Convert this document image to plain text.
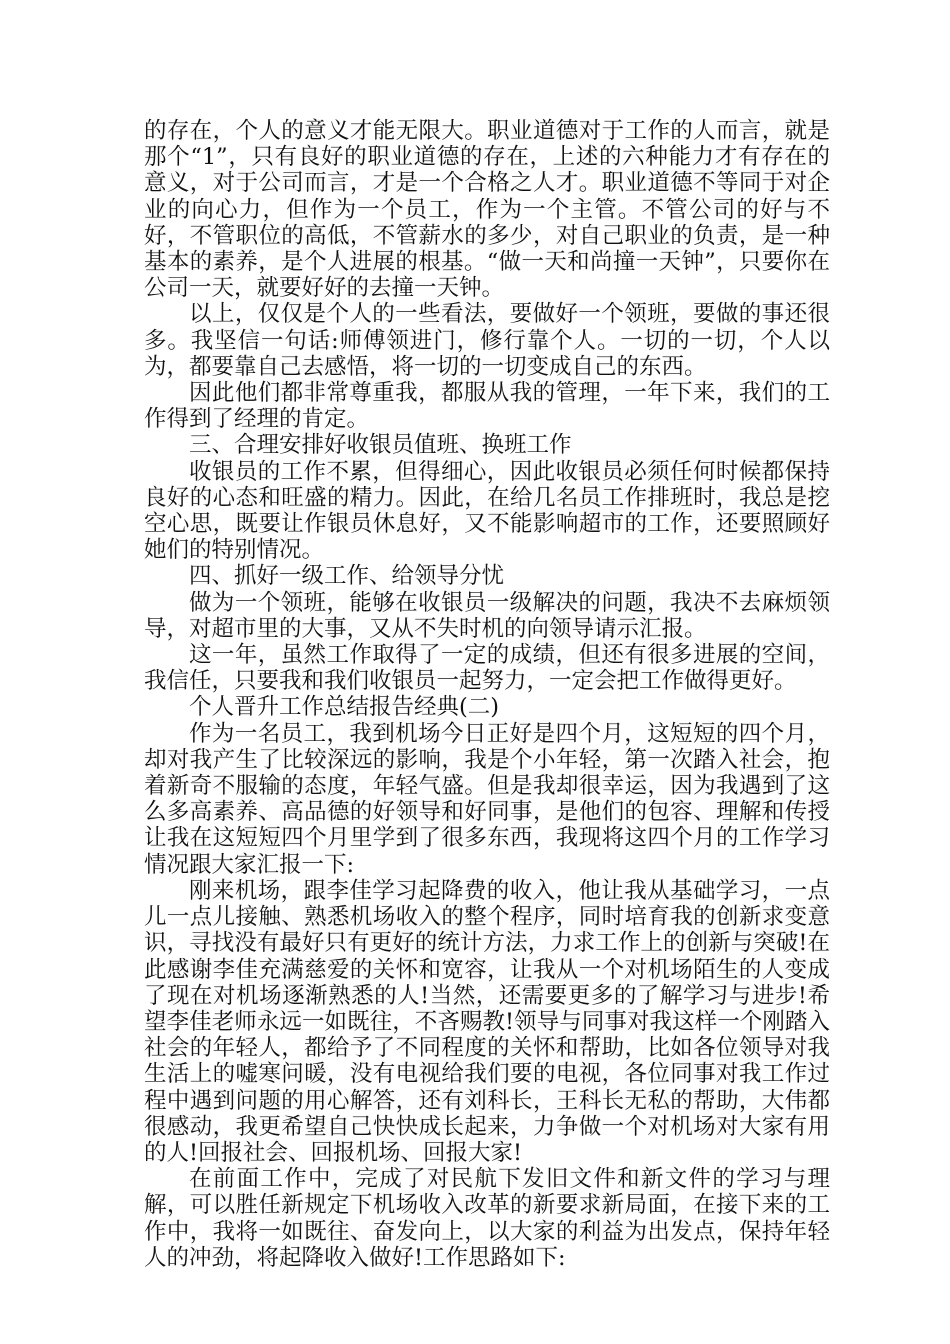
的存在，个人的意义才能无限大。职业道德对于工作的人而言，就是那个“1”，只有良好的职业道德的存在，上述的六种能力才有存在的意义，对于公司而言，才是一个合格之人才。职业道德不等同于对企业的向心力，但作为一个员工，作为一个主管。不管公司的好与不好，不管职位的高低，不管薪水的多少，对自己职业的负责，是一种基本的素养，是个人进展的根基。“做一天和尚撞一天钟”，只要你在公司一天，就要好好的去撞一天钟。

以上，仅仅是个人的一些看法，要做好一个领班，要做的事还很多。我坚信一句话:师傅领进门，修行靠个人。一切的一切，个人以为，都要靠自己去感悟，将一切的一切变成自己的东西。

因此他们都非常尊重我，都服从我的管理，一年下来，我们的工作得到了经理的肯定。

三、合理安排好收银员值班、换班工作

收银员的工作不累，但得细心，因此收银员必须任何时候都保持良好的心态和旺盛的精力。因此，在给几名员工作排班时，我总是挖空心思，既要让作银员休息好，又不能影响超市的工作，还要照顾好她们的特别情况。

四、抓好一级工作、给领导分忧

做为一个领班，能够在收银员一级解决的问题，我决不去麻烦领导，对超市里的大事，又从不失时机的向领导请示汇报。

这一年，虽然工作取得了一定的成绩，但还有很多进展的空间，我信任，只要我和我们收银员一起努力，一定会把工作做得更好。

个人晋升工作总结报告经典(二)

作为一名员工，我到机场今日正好是四个月，这短短的四个月，却对我产生了比较深远的影响，我是个小年轻，第一次踏入社会，抱着新奇不服输的态度，年轻气盛。但是我却很幸运，因为我遇到了这么多高素养、高品德的好领导和好同事，是他们的包容、理解和传授让我在这短短四个月里学到了很多东西，我现将这四个月的工作学习情况跟大家汇报一下:

刚来机场，跟李佳学习起降费的收入，他让我从基础学习，一点儿一点儿接触、熟悉机场收入的整个程序，同时培育我的创新求变意识，寻找没有最好只有更好的统计方法，力求工作上的创新与突破!在此感谢李佳充满慈爱的关怀和宽容，让我从一个对机场陌生的人变成了现在对机场逐渐熟悉的人!当然，还需要更多的了解学习与进步!希望李佳老师永远一如既往，不吝赐教!领导与同事对我这样一个刚踏入社会的年轻人，都给予了不同程度的关怀和帮助，比如各位领导对我生活上的嘘寒问暖，没有电视给我们要的电视，各位同事对我工作过程中遇到问题的用心解答，还有刘科长，王科长无私的帮助，大伟都很感动，我更希望自己快快成长起来，力争做一个对机场对大家有用的人!回报社会、回报机场、回报大家!

在前面工作中，完成了对民航下发旧文件和新文件的学习与理解，可以胜任新规定下机场收入改革的新要求新局面，在接下来的工作中，我将一如既往、奋发向上，以大家的利益为出发点，保持年轻人的冲劲，将起降收入做好!工作思路如下:
